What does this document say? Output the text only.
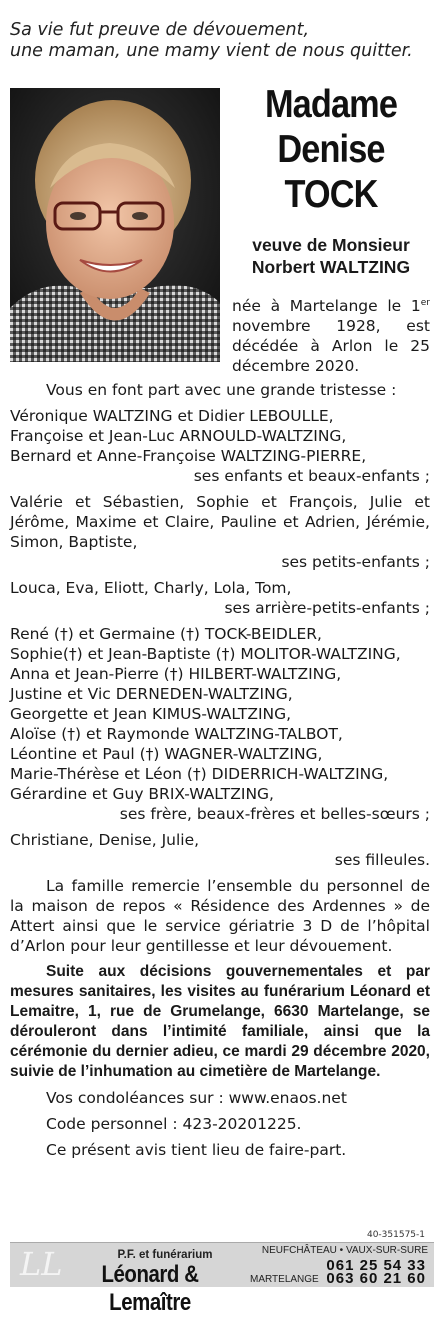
Sa vie fut preuve de dévouement,
une maman, une mamy vient de nous quitter.
Madame
Denise
TOCK
veuve de Monsieur
Norbert WALTZING
née à Martelange le 1er novembre 1928, est décédée à Arlon le 25 décembre 2020.

Vous en font part avec une grande tristesse :

Véronique WALTZING et Didier LEBOULLE,

Françoise et Jean-Luc ARNOULD-WALTZING,

Bernard et Anne-Françoise WALTZING-PIERRE,

ses enfants et beaux-enfants ;

Valérie et Sébastien, Sophie et François, Julie et Jérôme, Maxime et Claire, Pauline et Adrien, Jérémie, Simon, Baptiste,

ses petits-enfants ;

Louca, Eva, Eliott, Charly, Lola, Tom,

ses arrière-petits-enfants ;

René (†) et Germaine (†) TOCK-BEIDLER,

Sophie(†) et Jean-Baptiste (†) MOLITOR-WALTZING,

Anna et Jean-Pierre (†) HILBERT-WALTZING,

Justine et Vic DERNEDEN-WALTZING,

Georgette et Jean KIMUS-WALTZING,

Aloïse (†) et Raymonde WALTZING-TALBOT,

Léontine et Paul (†) WAGNER-WALTZING,

Marie-Thérèse et Léon (†) DIDERRICH-WALTZING,

Gérardine et Guy BRIX-WALTZING,

ses frère, beaux-frères et belles-sœurs ;

Christiane, Denise, Julie,

ses filleules.

La famille remercie l’ensemble du personnel de la maison de repos « Résidence des Ardennes » de Attert ainsi que le service gériatrie 3 D de l’hôpital d’Arlon pour leur gentillesse et leur dévouement.

Suite aux décisions gouvernementales et par mesures sanitaires, les visites au funérarium Léonard et Lemaitre, 1, rue de Grumelange, 6630 Martelange, se dérouleront dans l’intimité familiale, ainsi que la cérémonie du dernier adieu, ce mardi 29 décembre 2020, suivie de l’inhumation au cimetière de Martelange.

Vos condoléances sur : www.enaos.net

Code personnel : 423-20201225.

Ce présent avis tient lieu de faire-part.

40-351575-1
LL	P.F. et funérarium
Léonard & Lemaître
NEUFCHÂTEAU • VAUX-SUR-SURE
061 25 54 33
MARTELANGE 063 60 21 60
